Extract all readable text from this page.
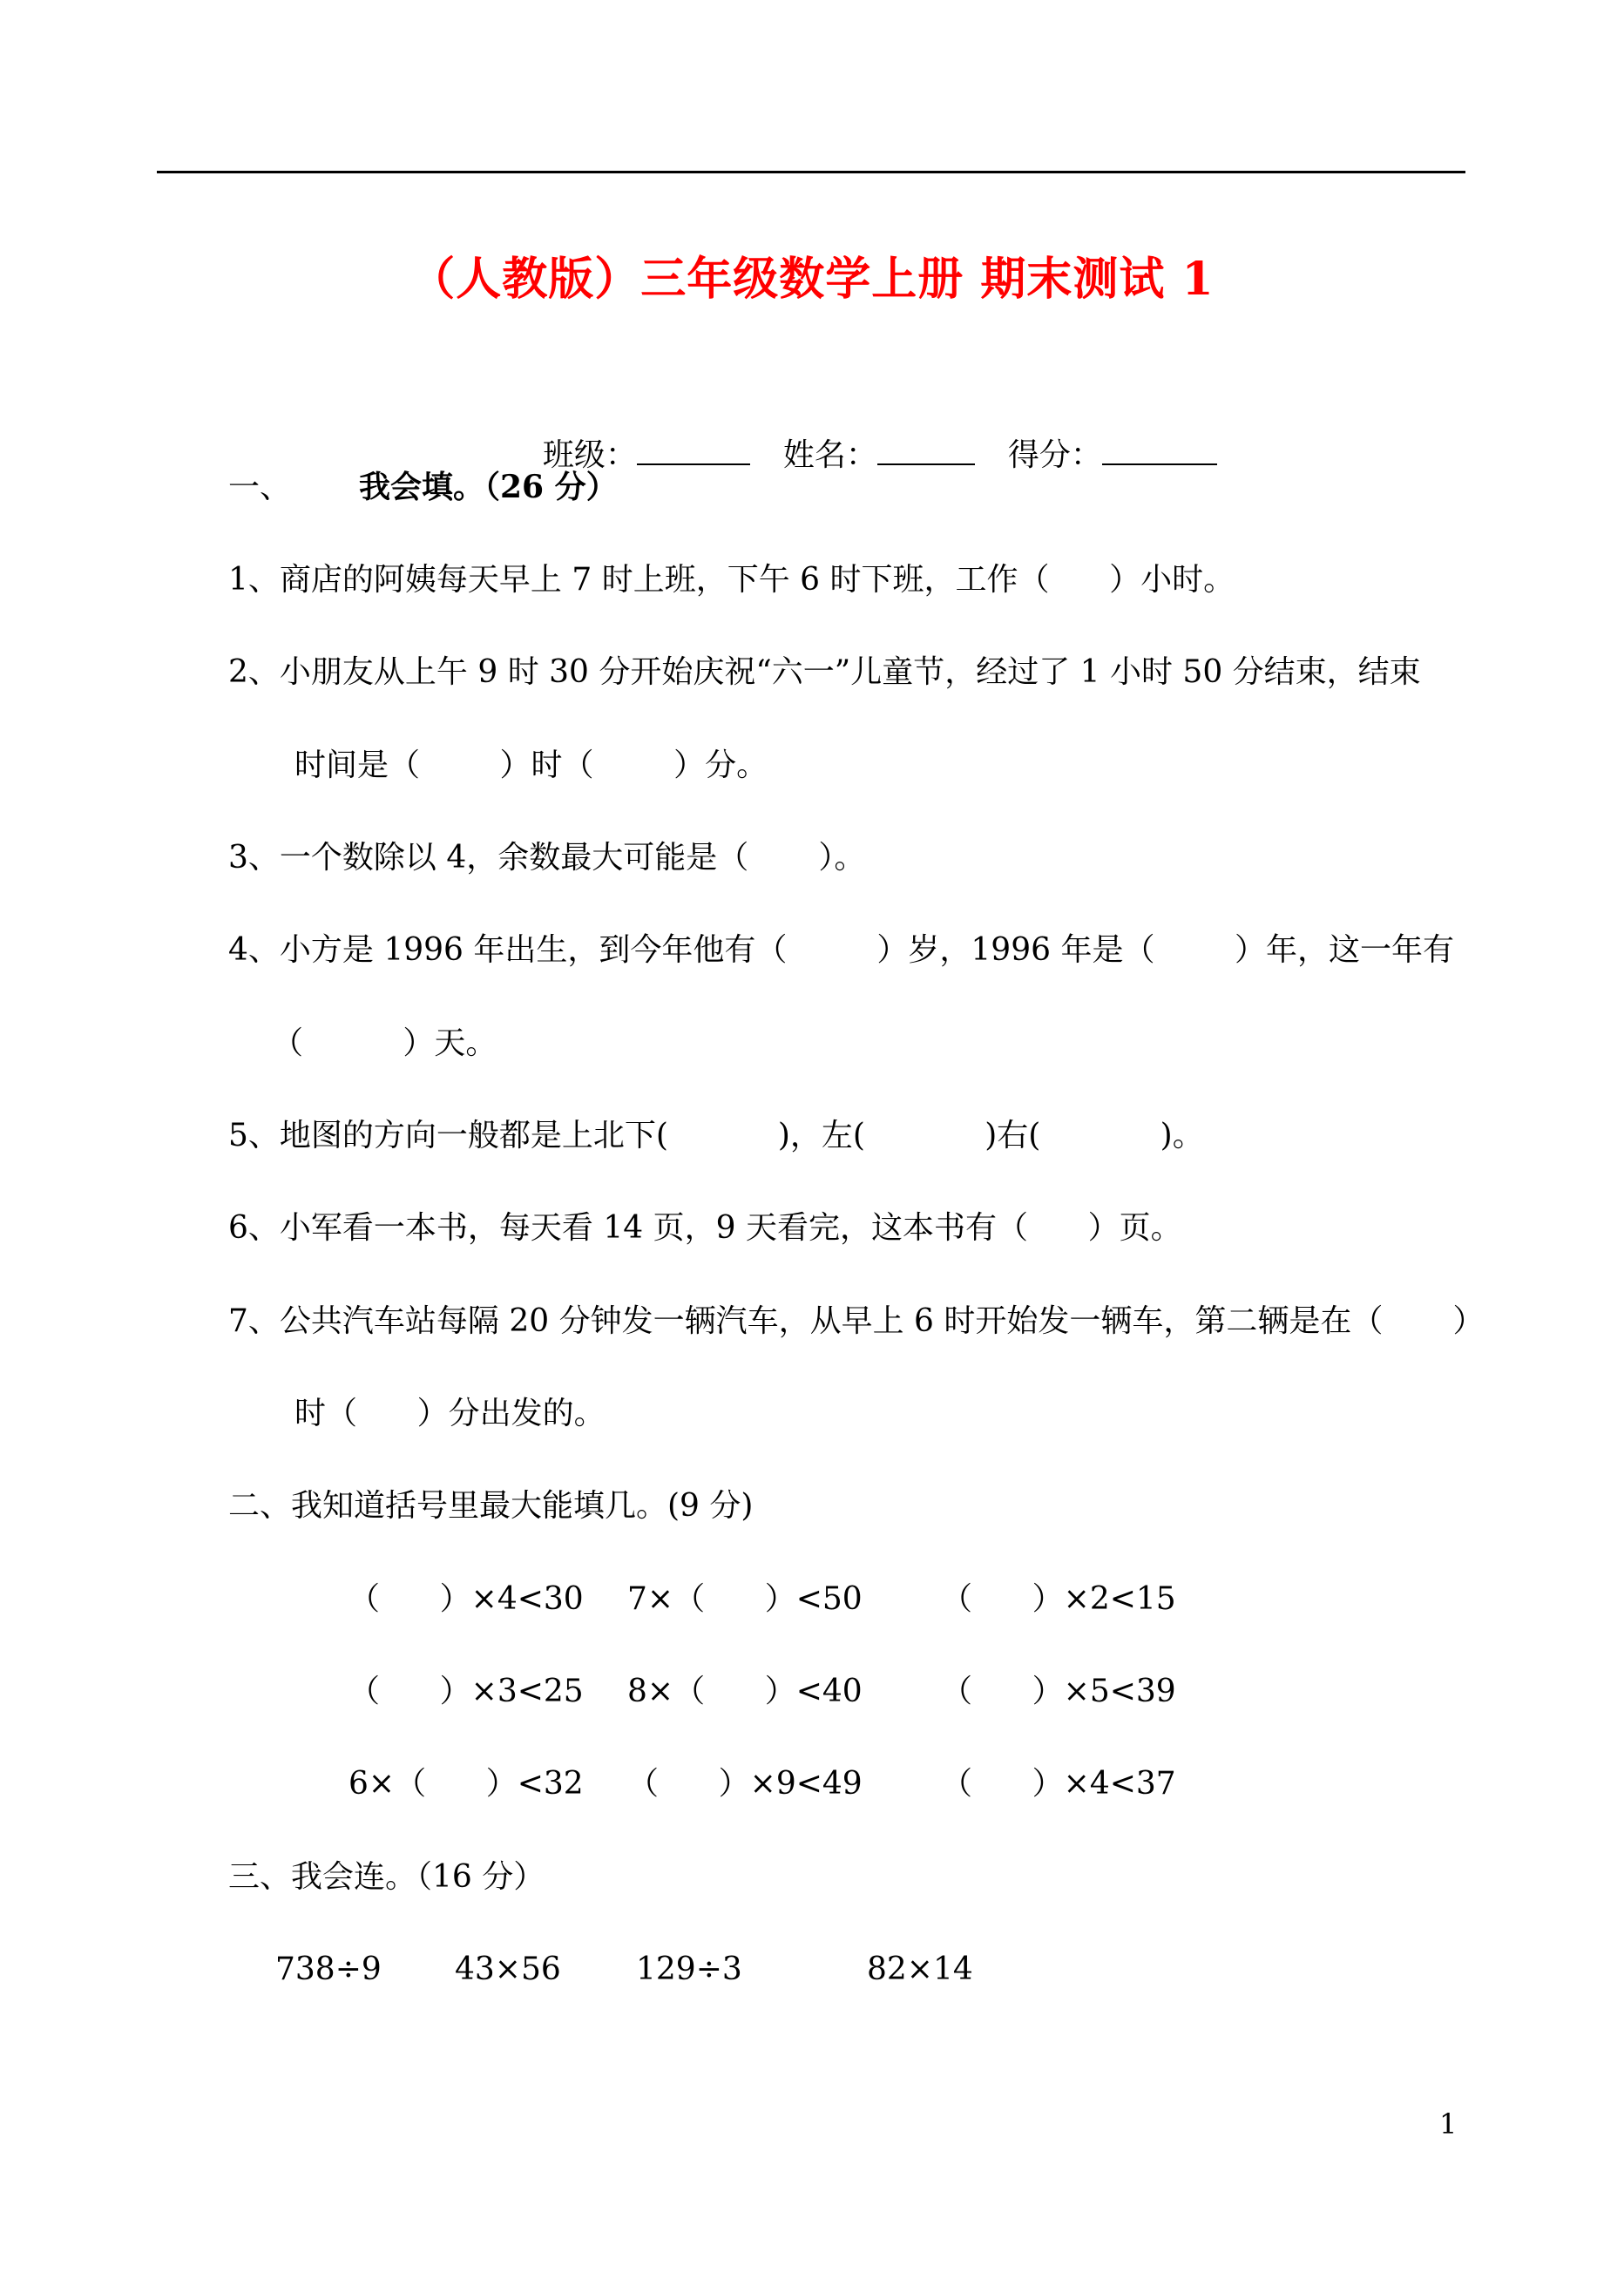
（人教版）三年级数学上册 期末测试 1

班级：	姓名：	得分：

一、 我会填。（26 分）
1、商店的阿姨每天早上 7 时上班，下午 6 时下班，工作（      ）小时。
2、小朋友从上午 9 时 30 分开始庆祝“六一”儿童节，经过了 1 小时 50 分结束，结束
时间是（        ）时（        ）分。
3、一个数除以 4，余数最大可能是（       ）。
4、小方是 1996 年出生，到今年他有（         ）岁，1996 年是（        ）年，这一年有
（          ）天。
5、地图的方向一般都是上北下(           )，左(            )右(            )。
6、小军看一本书，每天看 14 页，9 天看完，这本书有（      ）页。
7、公共汽车站每隔 20 分钟发一辆汽车，从早上 6 时开始发一辆车，第二辆是在（       ）
时（      ）分出发的。
二、我知道括号里最大能填几。(9 分)
（      ）×4<30 7×（      ）<50	（      ）×2<15
（      ）×3<25 8×（      ）<40	（      ）×5<39
6×（      ）<32 （      ）×9<49	（      ）×4<37
三、我会连。（16 分）
738÷9 43×56 129÷3	82×14
1
